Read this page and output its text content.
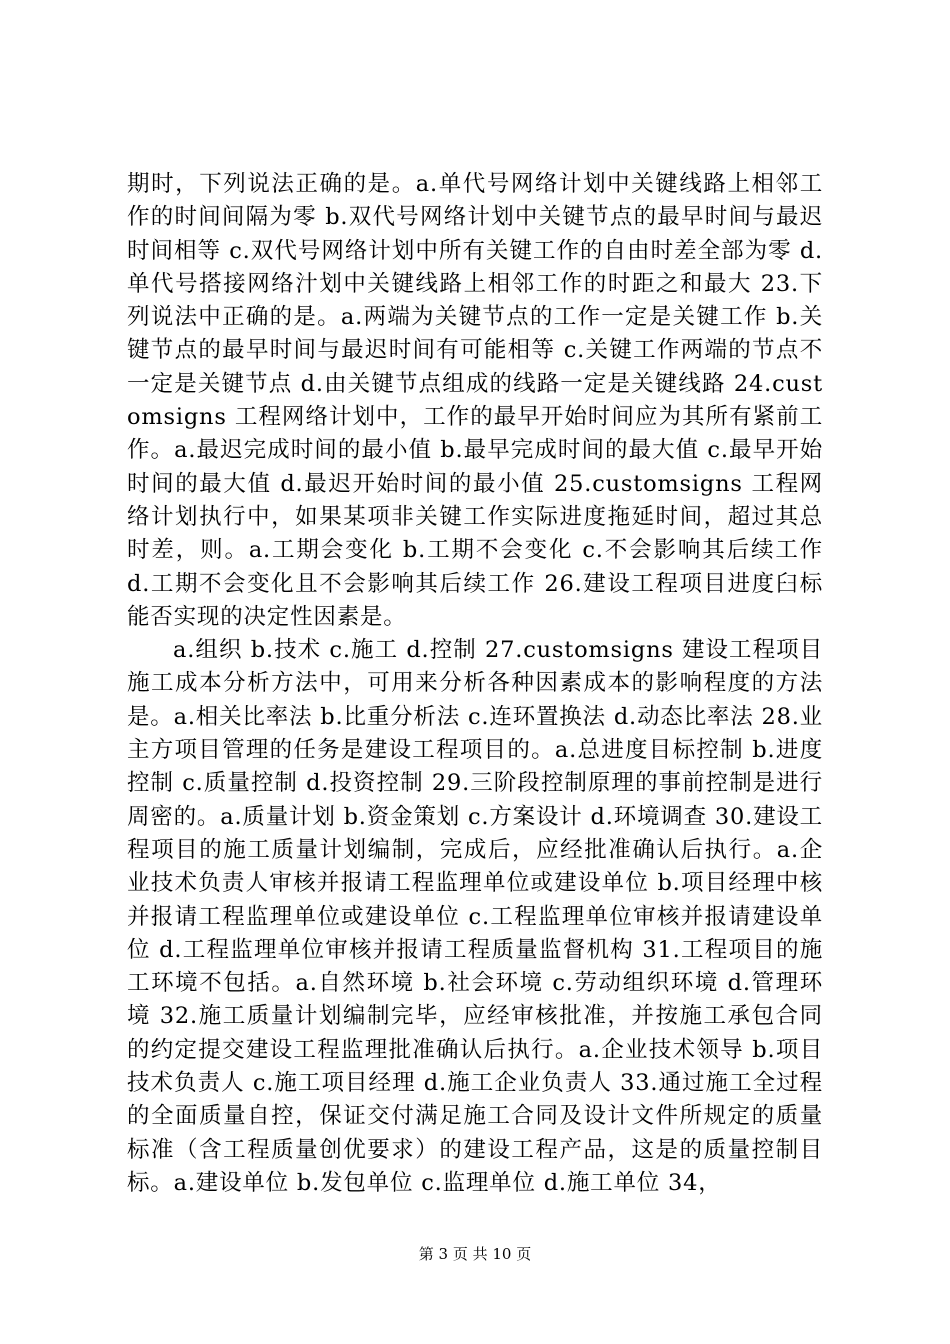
期时，下列说法正确的是。a.单代号网络计划中关键线路上相邻工作的时间间隔为零 b.双代号网络计划中关键节点的最早时间与最迟时间相等 c.双代号网络计划中所有关键工作的自由时差全部为零 d.单代号搭接网络汁划中关键线路上相邻工作的时距之和最大 23.下列说法中正确的是。a.两端为关键节点的工作一定是关键工作 b.关键节点的最早时间与最迟时间有可能相等 c.关键工作两端的节点不一定是关键节点 d.由关键节点组成的线路一定是关键线路 24.customsigns 工程网络计划中，工作的最早开始时间应为其所有紧前工作。a.最迟完成时间的最小值 b.最早完成时间的最大值 c.最早开始时间的最大值 d.最迟开始时间的最小值 25.customsigns 工程网络计划执行中，如果某项非关键工作实际进度拖延时间，超过其总时差，则。a.工期会变化 b.工期不会变化 c.不会影响其后续工作 d.工期不会变化且不会影响其后续工作 26.建设工程项目进度臼标能否实现的决定性因素是。

a.组织 b.技术 c.施工 d.控制 27.customsigns 建设工程项目施工成本分析方法中，可用来分析各种因素成本的影响程度的方法是。a.相关比率法 b.比重分析法 c.连环置换法 d.动态比率法 28.业主方项目管理的任务是建设工程项目的。a.总进度目标控制 b.进度控制 c.质量控制 d.投资控制 29.三阶段控制原理的事前控制是进行周密的。a.质量计划 b.资金策划 c.方案设计 d.环境调查 30.建设工程项目的施工质量计划编制，完成后，应经批准确认后执行。a.企业技术负责人审核并报请工程监理单位或建设单位 b.项目经理中核并报请工程监理单位或建设单位 c.工程监理单位审核并报请建设单位 d.工程监理单位审核并报请工程质量监督机构 31.工程项目的施工环境不包括。a.自然环境 b.社会环境 c.劳动组织环境 d.管理环境 32.施工质量计划编制完毕，应经审核批准，并按施工承包合同的约定提交建设工程监理批准确认后执行。a.企业技术领导 b.项目技术负责人 c.施工项目经理 d.施工企业负责人 33.通过施工全过程的全面质量自控，保证交付满足施工合同及设计文件所规定的质量标准（含工程质量创优要求）的建设工程产品，这是的质量控制目标。a.建设单位 b.发包单位 c.监理单位 d.施工单位 34，

第 3 页 共 10 页
